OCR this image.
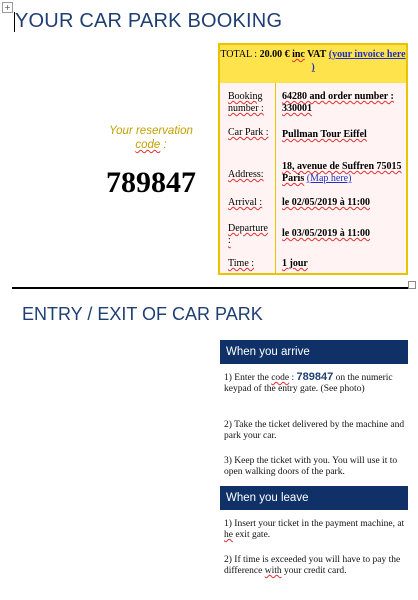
+
YOUR CAR PARK BOOKING
Your reservation
code :
789847
TOTAL : 20.00 € inc VAT (your invoice here )
Booking number :
64280 and order number : 330001
Car Park :	Pullman Tour Eiffel
Address:
18, avenue de Suffren 75015 Paris (Map here)
Arrival :	le 02/05/2019 à 11:00
Departure :
le 03/05/2019 à 11:00
Time :	1 jour
ENTRY / EXIT OF CAR PARK
When you arrive
1) Enter the code : 789847 on the numeric keypad of the entry gate. (See photo)
2) Take the ticket delivered by the machine and park your car.
3) Keep the ticket with you. You will use it to open walking doors of the park.
When you leave
1) Insert your ticket in the payment machine, at he exit gate.
2) If time is exceeded you will have to pay the difference with your credit card.
